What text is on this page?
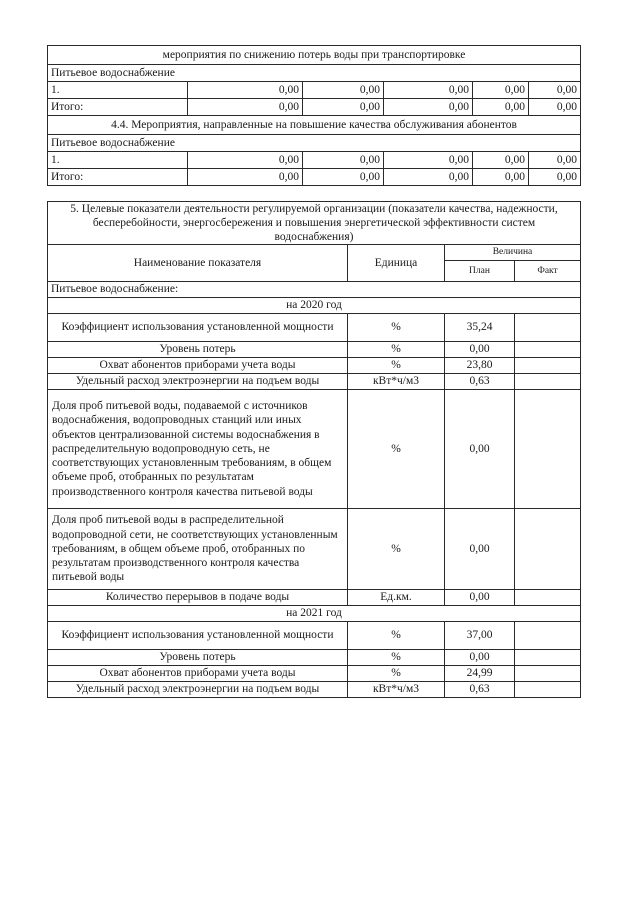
мероприятия по снижению потерь воды при транспортировке					
Питьевое водоснабжение					
1.	0,00	0,00	0,00	0,00	0,00
Итого:	0,00	0,00	0,00	0,00	0,00
4.4. Мероприятия, направленные на повышение качества обслуживания абонентов					
Питьевое водоснабжение					
1.	0,00	0,00	0,00	0,00	0,00
Итого:	0,00	0,00	0,00	0,00	0,00
5. Целевые показатели деятельности регулируемой организации (показатели качества, надежности, бесперебойности, энергосбережения и повышения энергетической эффективности систем водоснабжения)			
Наименование показателя	Единица	Величина	
		План	Факт
Питьевое водоснабжение:			
на 2020 год			
Коэффициент использования установленной мощности	%	35,24	
Уровень потерь	%	0,00	
Охват абонентов приборами учета воды	%	23,80	
Удельный расход электроэнергии на подъем воды	кВт*ч/м3	0,63	
Доля проб питьевой воды, подаваемой с источников водоснабжения, водопроводных станций или иных объектов централизованной системы водоснабжения в распределительную водопроводную сеть, не соответствующих установленным требованиям, в общем объеме проб, отобранных по результатам производственного контроля качества питьевой воды	%	0,00	
Доля проб питьевой воды в распределительной водопроводной сети, не соответствующих установленным требованиям, в общем объеме проб, отобранных по результатам производственного контроля качества питьевой воды	%	0,00	
Количество перерывов в подаче воды	Ед.км.	0,00	
на 2021 год			
Коэффициент использования установленной мощности	%	37,00	
Уровень потерь	%	0,00	
Охват абонентов приборами учета воды	%	24,99	
Удельный расход электроэнергии на подъем воды	кВт*ч/м3	0,63	
